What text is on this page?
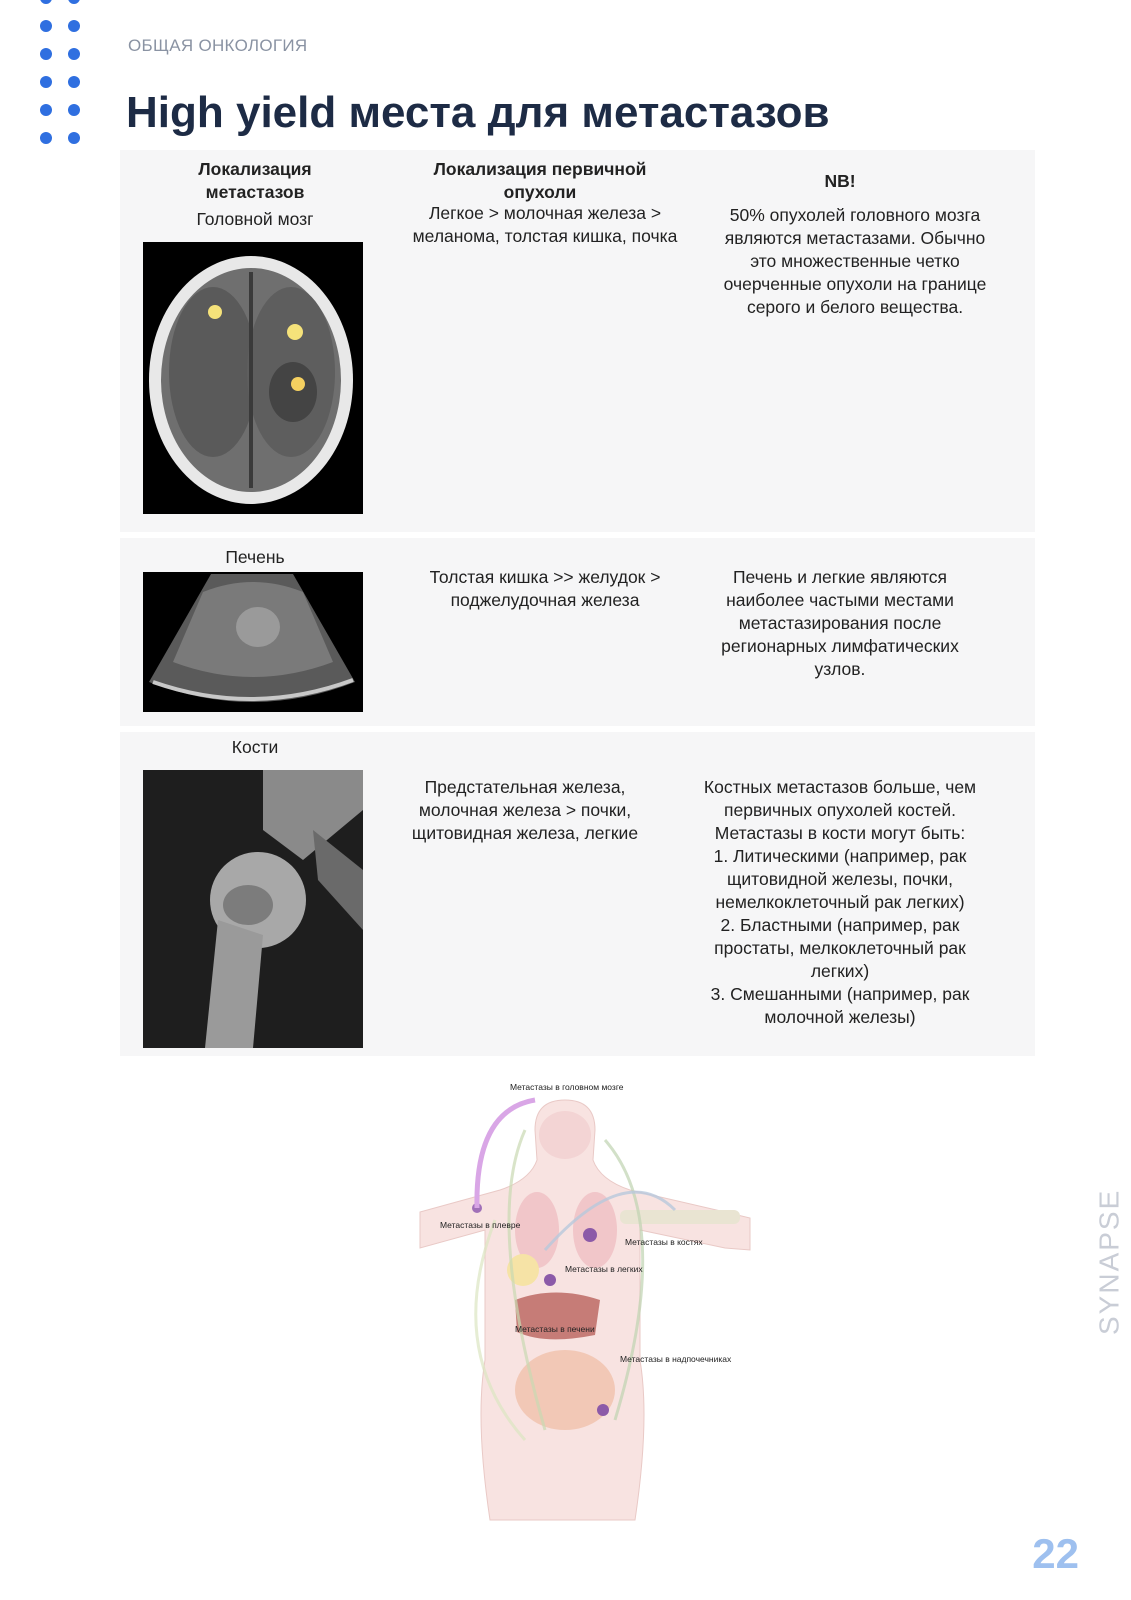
ОБЩАЯ ОНКОЛОГИЯ
High yield места для метастазов
Локализация метастазов
Локализация первичной опухоли
NB!
Головной мозг	Легкое > молочная железа > меланома, толстая кишка, почка
50% опухолей головного мозга являются метастазами. Обычно это множественные четко очерченные опухоли на границе серого и белого вещества.
Печень
Толстая кишка >> желудок > поджелудочная железа
Печень и легкие являются наиболее частыми местами метастазирования после регионарных лимфатических узлов.
Кости
Предстательная железа, молочная железа > почки, щитовидная железа, легкие
Костных метастазов больше, чем первичных опухолей костей.
Метастазы в кости могут быть:
1. Литическими (например, рак щитовидной железы, почки, немелкоклеточный рак легких)
2. Бластными (например, рак простаты, мелкоклеточный рак легких)
3. Смешанными (например, рак молочной железы)
Метастазы в головном мозге
Метастазы в плевре
Метастазы в костях
Метастазы в легких
Метастазы в печени
Метастазы в надпочечниках
SYNAPSE
22
